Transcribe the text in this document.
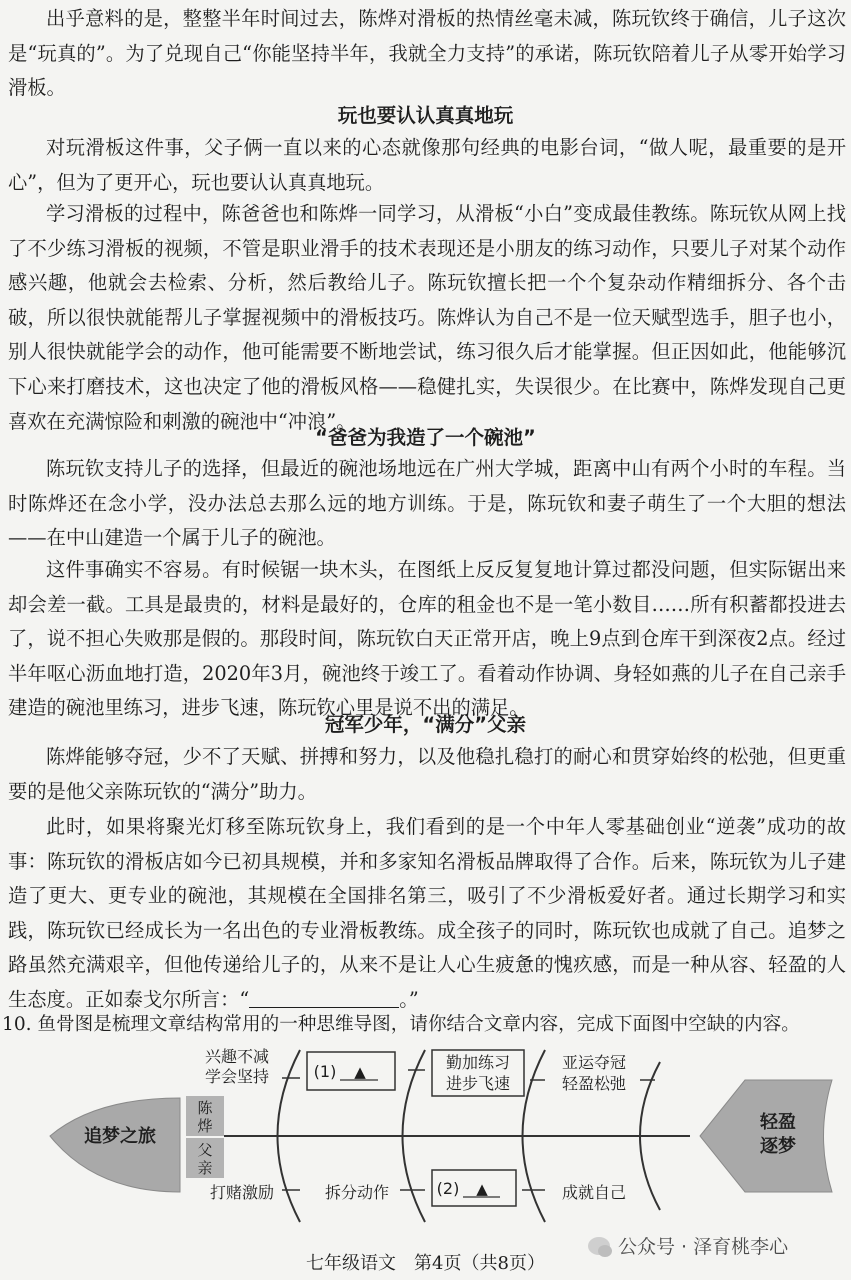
出乎意料的是，整整半年时间过去，陈烨对滑板的热情丝毫未减，陈玩钦终于确信，儿子这次是“玩真的”。为了兑现自己“你能坚持半年，我就全力支持”的承诺，陈玩钦陪着儿子从零开始学习滑板。

玩也要认认真真地玩

对玩滑板这件事，父子俩一直以来的心态就像那句经典的电影台词，“做人呢，最重要的是开心”，但为了更开心，玩也要认认真真地玩。

学习滑板的过程中，陈爸爸也和陈烨一同学习，从滑板“小白”变成最佳教练。陈玩钦从网上找了不少练习滑板的视频，不管是职业滑手的技术表现还是小朋友的练习动作，只要儿子对某个动作感兴趣，他就会去检索、分析，然后教给儿子。陈玩钦擅长把一个个复杂动作精细拆分、各个击破，所以很快就能帮儿子掌握视频中的滑板技巧。陈烨认为自己不是一位天赋型选手，胆子也小，别人很快就能学会的动作，他可能需要不断地尝试，练习很久后才能掌握。但正因如此，他能够沉下心来打磨技术，这也决定了他的滑板风格——稳健扎实，失误很少。在比赛中，陈烨发现自己更喜欢在充满惊险和刺激的碗池中“冲浪”。

“爸爸为我造了一个碗池”

陈玩钦支持儿子的选择，但最近的碗池场地远在广州大学城，距离中山有两个小时的车程。当时陈烨还在念小学，没办法总去那么远的地方训练。于是，陈玩钦和妻子萌生了一个大胆的想法——在中山建造一个属于儿子的碗池。

这件事确实不容易。有时候锯一块木头，在图纸上反反复复地计算过都没问题，但实际锯出来却会差一截。工具是最贵的，材料是最好的，仓库的租金也不是一笔小数目……所有积蓄都投进去了，说不担心失败那是假的。那段时间，陈玩钦白天正常开店，晚上9点到仓库干到深夜2点。经过半年呕心沥血地打造，2020年3月，碗池终于竣工了。看着动作协调、身轻如燕的儿子在自己亲手建造的碗池里练习，进步飞速，陈玩钦心里是说不出的满足。

冠军少年，“满分”父亲

陈烨能够夺冠，少不了天赋、拼搏和努力，以及他稳扎稳打的耐心和贯穿始终的松弛，但更重要的是他父亲陈玩钦的“满分”助力。

此时，如果将聚光灯移至陈玩钦身上，我们看到的是一个中年人零基础创业“逆袭”成功的故事：陈玩钦的滑板店如今已初具规模，并和多家知名滑板品牌取得了合作。后来，陈玩钦为儿子建造了更大、更专业的碗池，其规模在全国排名第三，吸引了不少滑板爱好者。通过长期学习和实践，陈玩钦已经成长为一名出色的专业滑板教练。成全孩子的同时，陈玩钦也成就了自己。追梦之路虽然充满艰辛，但他传递给儿子的，从来不是让人心生疲惫的愧疚感，而是一种从容、轻盈的人生态度。正如泰戈尔所言：“	。”

10. 鱼骨图是梳理文章结构常用的一种思维导图，请你结合文章内容，完成下面图中空缺的内容。

追梦之旅
陈
烨
父
亲
兴趣不减
学会坚持	(1) ▲	勤加练习
进步飞速
亚运夺冠
轻盈松弛
打赌激励	拆分动作	(2) ▲	成就自己
轻盈
逐梦
公众号 · 泽育桃李心

七年级语文　第4页（共8页）
